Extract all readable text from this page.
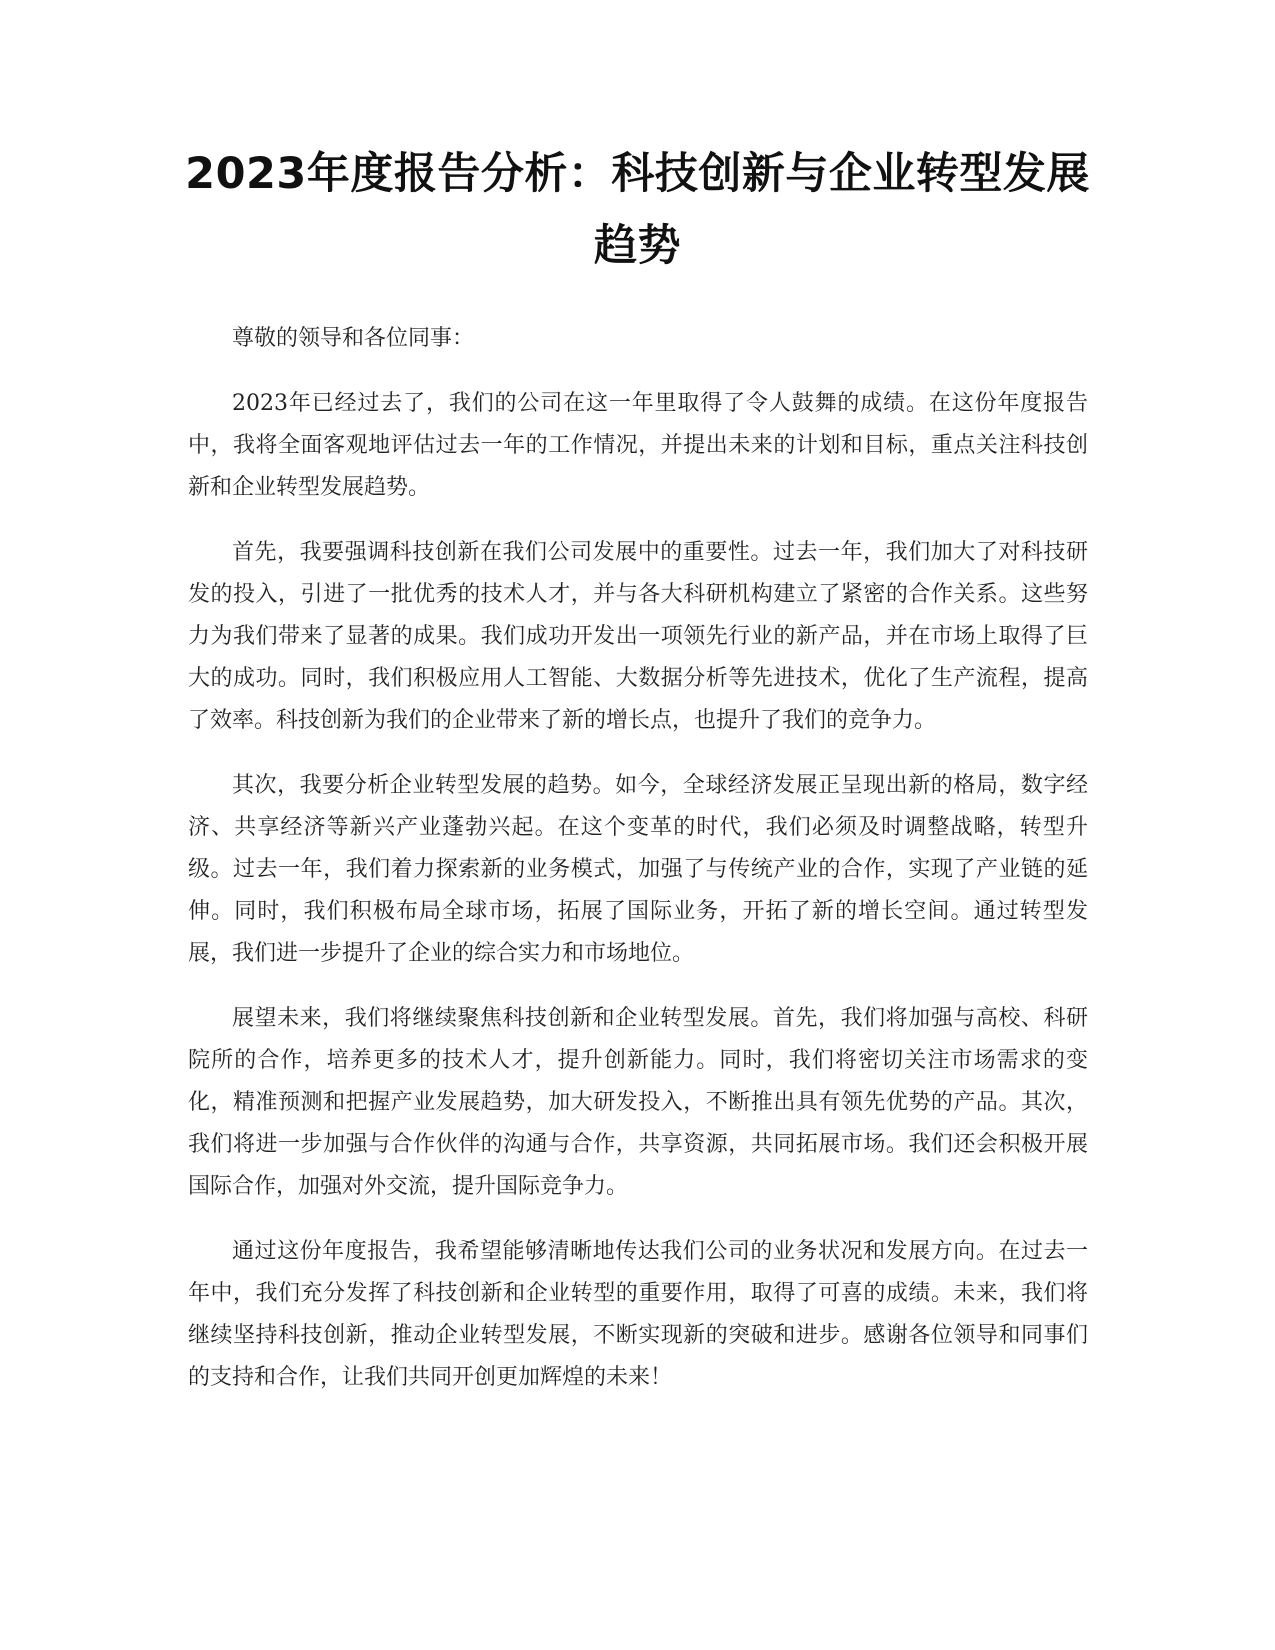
2023年度报告分析：科技创新与企业转型发展趋势

尊敬的领导和各位同事：

2023年已经过去了，我们的公司在这一年里取得了令人鼓舞的成绩。在这份年度报告中，我将全面客观地评估过去一年的工作情况，并提出未来的计划和目标，重点关注科技创新和企业转型发展趋势。

首先，我要强调科技创新在我们公司发展中的重要性。过去一年，我们加大了对科技研发的投入，引进了一批优秀的技术人才，并与各大科研机构建立了紧密的合作关系。这些努力为我们带来了显著的成果。我们成功开发出一项领先行业的新产品，并在市场上取得了巨大的成功。同时，我们积极应用人工智能、大数据分析等先进技术，优化了生产流程，提高了效率。科技创新为我们的企业带来了新的增长点，也提升了我们的竞争力。

其次，我要分析企业转型发展的趋势。如今，全球经济发展正呈现出新的格局，数字经济、共享经济等新兴产业蓬勃兴起。在这个变革的时代，我们必须及时调整战略，转型升级。过去一年，我们着力探索新的业务模式，加强了与传统产业的合作，实现了产业链的延伸。同时，我们积极布局全球市场，拓展了国际业务，开拓了新的增长空间。通过转型发展，我们进一步提升了企业的综合实力和市场地位。

展望未来，我们将继续聚焦科技创新和企业转型发展。首先，我们将加强与高校、科研院所的合作，培养更多的技术人才，提升创新能力。同时，我们将密切关注市场需求的变化，精准预测和把握产业发展趋势，加大研发投入，不断推出具有领先优势的产品。其次，我们将进一步加强与合作伙伴的沟通与合作，共享资源，共同拓展市场。我们还会积极开展国际合作，加强对外交流，提升国际竞争力。

通过这份年度报告，我希望能够清晰地传达我们公司的业务状况和发展方向。在过去一年中，我们充分发挥了科技创新和企业转型的重要作用，取得了可喜的成绩。未来，我们将继续坚持科技创新，推动企业转型发展，不断实现新的突破和进步。感谢各位领导和同事们的支持和合作，让我们共同开创更加辉煌的未来！
